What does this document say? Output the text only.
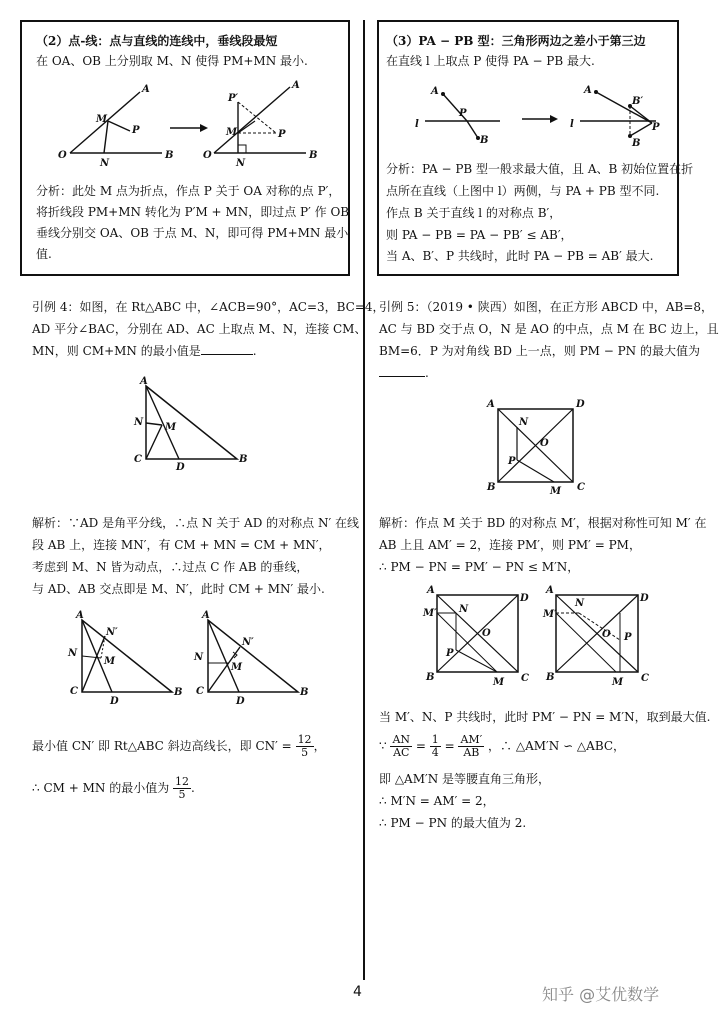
（2）点-线：点与直线的连线中，垂线段最短
在 OA、OB 上分别取 M、N 使得 PM+MN 最小.
O	B
A
M
P
N
P′
M	P
O	B
A
N
分析：此处 M 点为折点，作点 P 关于 OA 对称的点 P′，
将折线段 PM+MN 转化为 P′M + MN，即过点 P′ 作 OB
垂线分别交 OA、OB 于点 M、N，即可得 PM+MN 最小
值.
（3）PA − PB 型：三角形两边之差小于第三边
在直线 l 上取点 P 使得 PA − PB 最大.
A
B
l
P
A
B′
B
l	P
分析：PA − PB 型一般求最大值，且 A、B 初始位置在折
点所在直线（上图中 l）两侧，与 PA + PB 型不同.
作点 B 关于直线 l 的对称点 B′，
则 PA − PB = PA − PB′ ≤ AB′，
当 A、B′、P 共线时，此时 PA − PB = AB′ 最大.
引例 4：如图，在 Rt△ABC 中，∠ACB=90°，AC=3，BC=4，
AD 平分∠BAC，分别在 AD、AC 上取点 M、N，连接 CM、
MN，则 CM+MN 的最小值是	.
A
N M
C
D
B
解析：∵AD 是角平分线，∴点 N 关于 AD 的对称点 N′ 在线
段 AB 上，连接 MN′，有 CM + MN = CM + MN′，
考虑到 M、N 皆为动点，∴过点 C 作 AB 的垂线，
与 AD、AB 交点即是 M、N′，此时 CM + MN′ 最小.
A
N′
N
M
C
D
B
A
N′
N
M
C
D
B
最小值 CN′ 即 Rt△ABC 斜边高线长，即 $CN' = \frac{12}{5}$ ，
∴ CM + MN 的最小值为 $\frac{12}{5}$ .
引例 5：（2019 • 陕西）如图，在正方形 ABCD 中，AB=8，
AC 与 BD 交于点 O，N 是 AO 的中点，点 M 在 BC 边上，且
BM=6．P 为对角线 BD 上一点，则 PM − PN 的最大值为
.
A	D
N
O
P
B	C
M
解析：作点 M 关于 BD 的对称点 M′，根据对称性可知 M′ 在
AB 上且 AM′ = 2，连接 PM′，则 PM′ = PM，
∴ PM − PN = PM′ − PN ≤ M′N，
A
D
M′ N
O
P
B	C
M
A
D
M′
N
O P
B	C
M
当 M′、N、P 共线时，此时 PM′ − PN = M′N，取到最大值.
∵ $\frac{AN}{AC} = \frac{1}{4} = \frac{AM'}{AB}$ ，∴ △AM′N ∽ △ABC，
即 △AM′N 是等腰直角三角形，
∴ M′N = AM′ = 2，
∴ PM − PN 的最大值为 2.
4	知乎 @艾优数学
